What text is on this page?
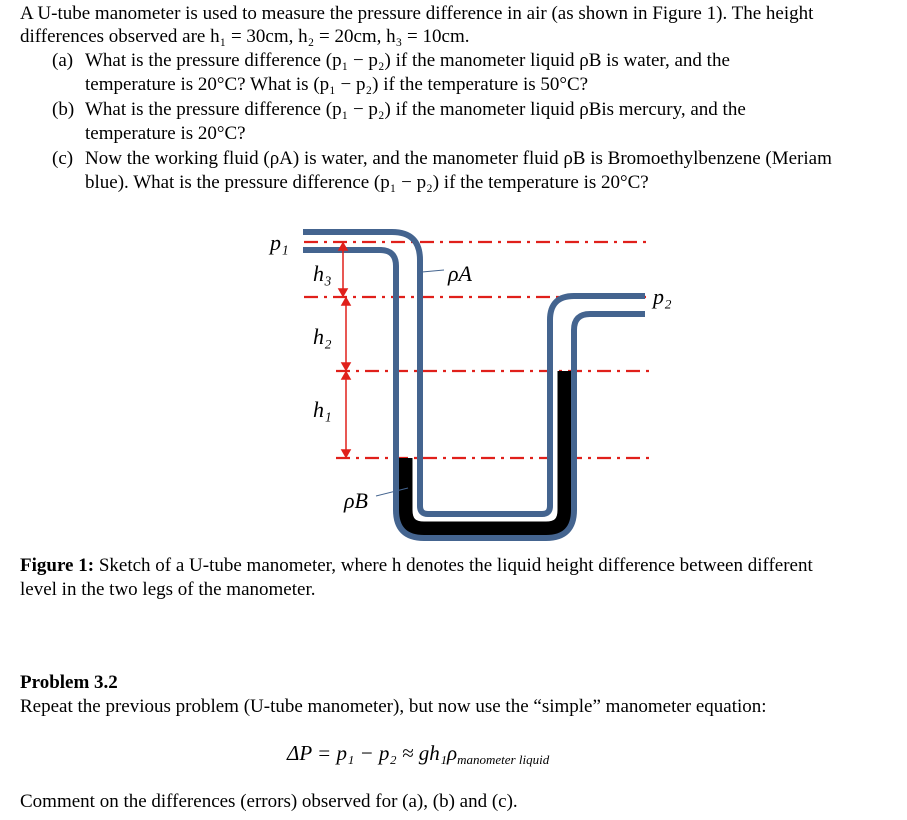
A U-tube manometer is used to measure the pressure difference in air (as shown in Figure 1). The height
differences observed are h₁ = 30cm, h₂ = 20cm, h₃ = 10cm.
(a) What is the pressure difference (p₁ − p₂) if the manometer liquid ρB is water, and the
temperature is 20°C? What is (p₁ − p₂) if the temperature is 50°C?
(b) What is the pressure difference (p₁ − p₂) if the manometer liquid ρBis mercury, and the
temperature is 20°C?
(c) Now the working fluid (ρA) is water, and the manometer fluid ρB is Bromoethylbenzene (Meriam
blue). What is the pressure difference (p₁ − p₂) if the temperature is 20°C?
p₁
p₂
h₃
h₂
h₁
ρA
ρB
Figure 1: Sketch of a U-tube manometer, where h denotes the liquid height difference between different
level in the two legs of the manometer.
Problem 3.2
Repeat the previous problem (U-tube manometer), but now use the “simple” manometer equation:
$\Delta P = p_1 - p_2 \approx gh_1\rho_{manometer liquid}$
Comment on the differences (errors) observed for (a), (b) and (c).
